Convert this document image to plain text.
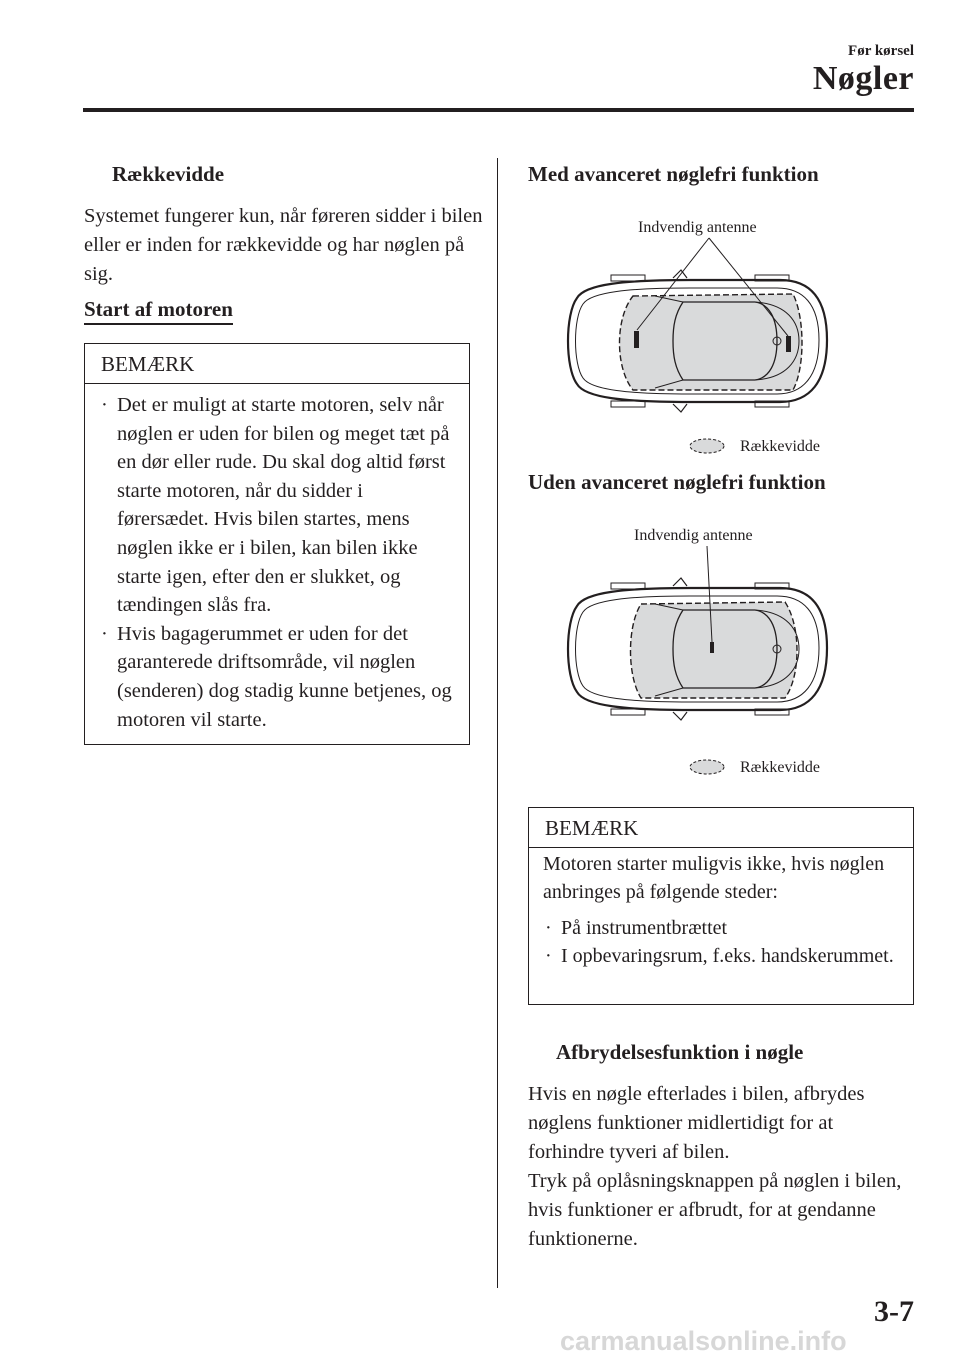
Før kørsel
Nøgler
Rækkevidde
Systemet fungerer kun, når føreren sidder i bilen eller er inden for rækkevidde og har nøglen på sig.
Start af motoren
BEMÆRK
· Det er muligt at starte motoren, selv når nøglen er uden for bilen og meget tæt på en dør eller rude. Du skal dog altid først starte motoren, når du sidder i førersædet. Hvis bilen startes, mens nøglen ikke er i bilen, kan bilen ikke starte igen, efter den er slukket, og tændingen slås fra.
· Hvis bagagerummet er uden for det garanterede driftsområde, vil nøglen (senderen) dog stadig kunne betjenes, og motoren vil starte.
Med avanceret nøglefri funktion
Indvendig antenne
Rækkevidde
Uden avanceret nøglefri funktion
Indvendig antenne
Rækkevidde
BEMÆRK
Motoren starter muligvis ikke, hvis nøglen anbringes på følgende steder:
· På instrumentbrættet
· I opbevaringsrum, f.eks. handskerummet.
Afbrydelsesfunktion i nøgle
Hvis en nøgle efterlades i bilen, afbrydes nøglens funktioner midlertidigt for at forhindre tyveri af bilen.
Tryk på oplåsningsknappen på nøglen i bilen, hvis funktioner er afbrudt, for at gendanne funktionerne.
3-7
carmanualsonline.info
